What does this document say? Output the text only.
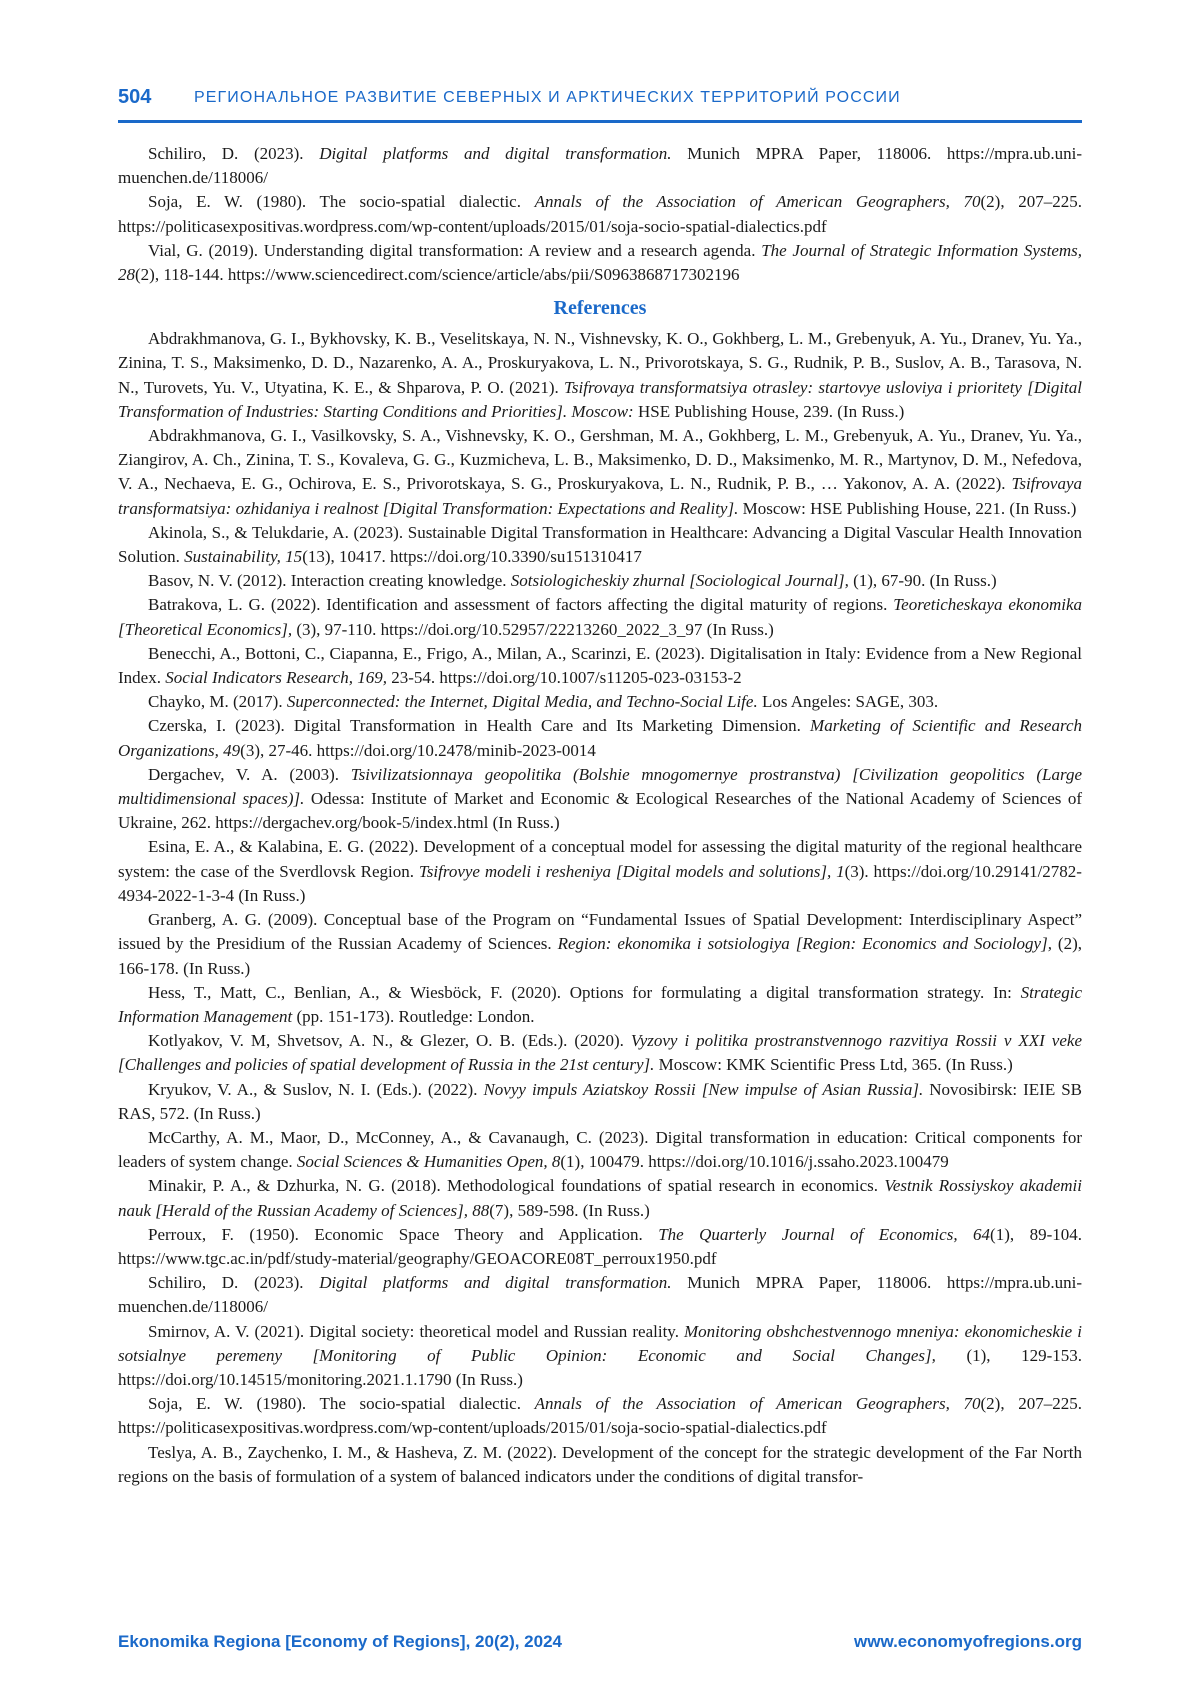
504	РЕГИОНАЛЬНОЕ РАЗВИТИЕ СЕВЕРНЫХ И АРКТИЧЕСКИХ ТЕРРИТОРИЙ РОССИИ

Schiliro, D. (2023). Digital platforms and digital transformation. Munich MPRA Paper, 118006. https://mpra.ub.uni-muenchen.de/118006/

Soja, E. W. (1980). The socio-spatial dialectic. Annals of the Association of American Geographers, 70(2), 207–225. https://politicasexpositivas.wordpress.com/wp-content/uploads/2015/01/soja-socio-spatial-dialectics.pdf

Vial, G. (2019). Understanding digital transformation: A review and a research agenda. The Journal of Strategic Information Systems, 28(2), 118-144. https://www.sciencedirect.com/science/article/abs/pii/S0963868717302196

References

Abdrakhmanova, G. I., Bykhovsky, K. B., Veselitskaya, N. N., Vishnevsky, K. O., Gokhberg, L. M., Grebenyuk, A. Yu., Dranev, Yu. Ya., Zinina, T. S., Maksimenko, D. D., Nazarenko, A. A., Proskuryakova, L. N., Privorotskaya, S. G., Rudnik, P. B., Suslov, A. B., Tarasova, N. N., Turovets, Yu. V., Utyatina, K. E., & Shparova, P. O. (2021). Tsifrovaya transformatsiya otrasley: startovye usloviya i prioritety [Digital Transformation of Industries: Starting Conditions and Priorities]. Moscow: HSE Publishing House, 239. (In Russ.)

Abdrakhmanova, G. I., Vasilkovsky, S. A., Vishnevsky, K. O., Gershman, M. A., Gokhberg, L. M., Grebenyuk, A. Yu., Dranev, Yu. Ya., Ziangirov, A. Ch., Zinina, T. S., Kovaleva, G. G., Kuzmicheva, L. B., Maksimenko, D. D., Maksimenko, M. R., Martynov, D. M., Nefedova, V. A., Nechaeva, E. G., Ochirova, E. S., Privorotskaya, S. G., Proskuryakova, L. N., Rudnik, P. B., … Yakonov, A. A. (2022). Tsifrovaya transformatsiya: ozhidaniya i realnost [Digital Transformation: Expectations and Reality]. Moscow: HSE Publishing House, 221. (In Russ.)

Akinola, S., & Telukdarie, A. (2023). Sustainable Digital Transformation in Healthcare: Advancing a Digital Vascular Health Innovation Solution. Sustainability, 15(13), 10417. https://doi.org/10.3390/su151310417

Basov, N. V. (2012). Interaction creating knowledge. Sotsiologicheskiy zhurnal [Sociological Journal], (1), 67-90. (In Russ.)

Batrakova, L. G. (2022). Identification and assessment of factors affecting the digital maturity of regions. Teoreticheskaya ekonomika [Theoretical Economics], (3), 97-110. https://doi.org/10.52957/22213260_2022_3_97 (In Russ.)

Benecchi, A., Bottoni, C., Ciapanna, E., Frigo, A., Milan, A., Scarinzi, E. (2023). Digitalisation in Italy: Evidence from a New Regional Index. Social Indicators Research, 169, 23-54. https://doi.org/10.1007/s11205-023-03153-2

Chayko, M. (2017). Superconnected: the Internet, Digital Media, and Techno-Social Life. Los Angeles: SAGE, 303.

Czerska, I. (2023). Digital Transformation in Health Care and Its Marketing Dimension. Marketing of Scientific and Research Organizations, 49(3), 27-46. https://doi.org/10.2478/minib-2023-0014

Dergachev, V. A. (2003). Tsivilizatsionnaya geopolitika (Bolshie mnogomernye prostranstva) [Civilization geopolitics (Large multidimensional spaces)]. Odessa: Institute of Market and Economic & Ecological Researches of the National Academy of Sciences of Ukraine, 262. https://dergachev.org/book-5/index.html (In Russ.)

Esina, E. A., & Kalabina, E. G. (2022). Development of a conceptual model for assessing the digital maturity of the regional healthcare system: the case of the Sverdlovsk Region. Tsifrovye modeli i resheniya [Digital models and solutions], 1(3). https://doi.org/10.29141/2782-4934-2022-1-3-4 (In Russ.)

Granberg, A. G. (2009). Conceptual base of the Program on “Fundamental Issues of Spatial Development: Interdisciplinary Aspect” issued by the Presidium of the Russian Academy of Sciences. Region: ekonomika i sotsiologiya [Region: Economics and Sociology], (2), 166-178. (In Russ.)

Hess, T., Matt, C., Benlian, A., & Wiesböck, F. (2020). Options for formulating a digital transformation strategy. In: Strategic Information Management (pp. 151-173). Routledge: London.

Kotlyakov, V. M, Shvetsov, A. N., & Glezer, O. B. (Eds.). (2020). Vyzovy i politika prostranstvennogo razvitiya Rossii v XXI veke [Challenges and policies of spatial development of Russia in the 21st century]. Moscow: KMK Scientific Press Ltd, 365. (In Russ.)

Kryukov, V. A., & Suslov, N. I. (Eds.). (2022). Novyy impuls Aziatskoy Rossii [New impulse of Asian Russia]. Novosibirsk: IEIE SB RAS, 572. (In Russ.)

McCarthy, A. M., Maor, D., McConney, A., & Cavanaugh, C. (2023). Digital transformation in education: Critical components for leaders of system change. Social Sciences & Humanities Open, 8(1), 100479. https://doi.org/10.1016/j.ssaho.2023.100479

Minakir, P. A., & Dzhurka, N. G. (2018). Methodological foundations of spatial research in economics. Vestnik Rossiyskoy akademii nauk [Herald of the Russian Academy of Sciences], 88(7), 589-598. (In Russ.)

Perroux, F. (1950). Economic Space Theory and Application. The Quarterly Journal of Economics, 64(1), 89-104. https://www.tgc.ac.in/pdf/study-material/geography/GEOACORE08T_perroux1950.pdf

Schiliro, D. (2023). Digital platforms and digital transformation. Munich MPRA Paper, 118006. https://mpra.ub.uni-muenchen.de/118006/

Smirnov, A. V. (2021). Digital society: theoretical model and Russian reality. Monitoring obshchestvennogo mneniya: ekonomicheskie i sotsialnye peremeny [Monitoring of Public Opinion: Economic and Social Changes], (1), 129-153. https://doi.org/10.14515/monitoring.2021.1.1790 (In Russ.)

Soja, E. W. (1980). The socio-spatial dialectic. Annals of the Association of American Geographers, 70(2), 207–225. https://politicasexpositivas.wordpress.com/wp-content/uploads/2015/01/soja-socio-spatial-dialectics.pdf

Teslya, A. B., Zaychenko, I. M., & Hasheva, Z. M. (2022). Development of the concept for the strategic development of the Far North regions on the basis of formulation of a system of balanced indicators under the conditions of digital transfor-

Ekonomika Regiona [Economy of Regions], 20(2), 2024	www.economyofregions.org
